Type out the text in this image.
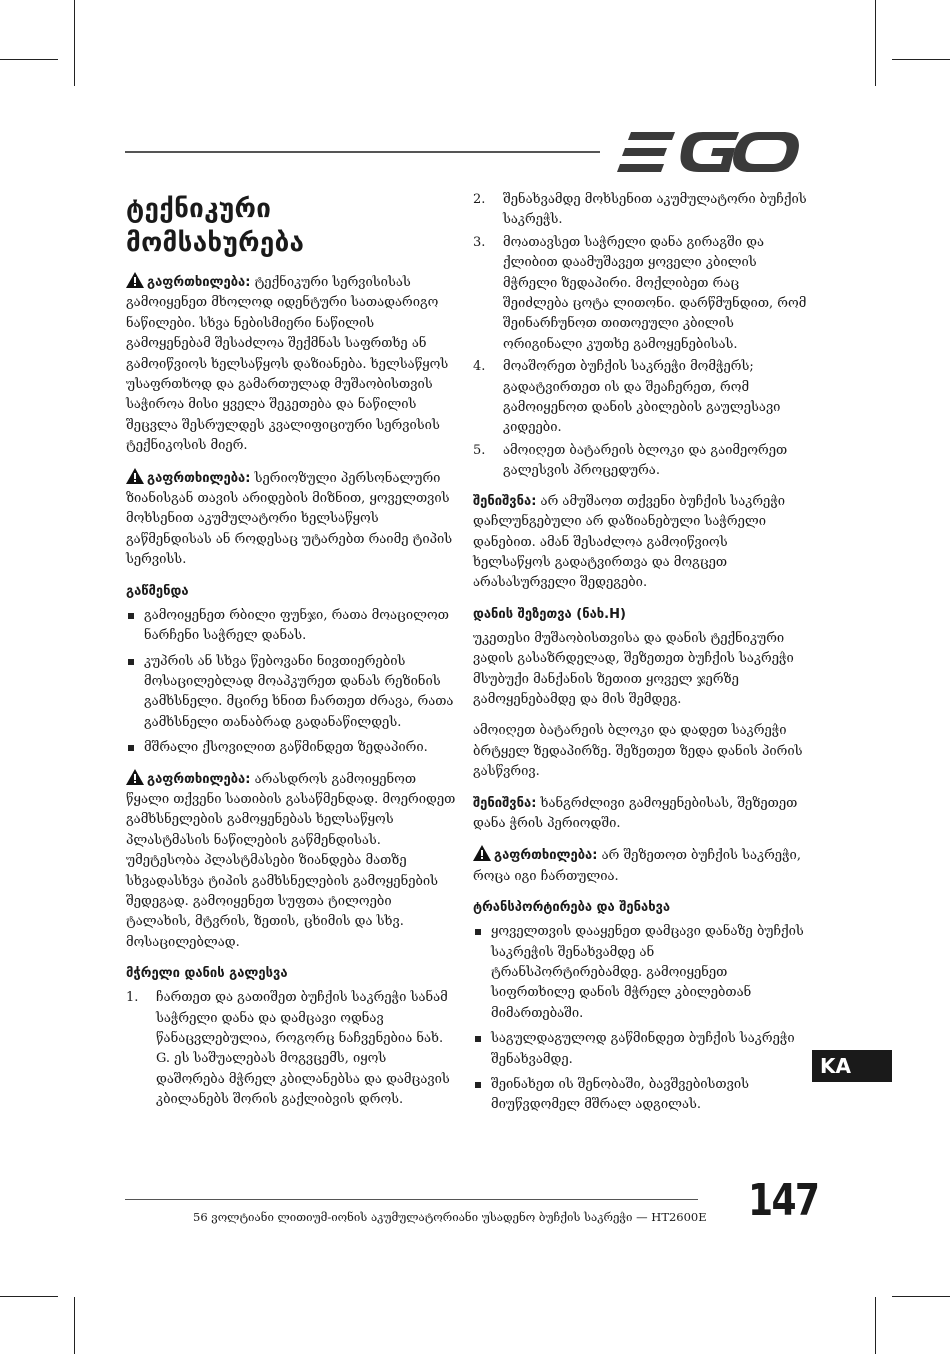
ტექნიკური მომსახურება

გაფრთხილება: ტექნიკური სერვისისას გამოიყენეთ მხოლოდ იდენტური სათადარიგო ნაწილები. სხვა ნებისმიერი ნაწილის გამოყენებამ შესაძლოა შექმნას საფრთხე ან გამოიწვიოს ხელსაწყოს დაზიანება. ხელსაწყოს უსაფრთხოდ და გამართულად მუშაობისთვის საჭიროა მისი ყველა შეკეთება და ნაწილის შეცვლა შესრულდეს კვალიფიციური სერვისის ტექნიკოსის მიერ.

გაფრთხილება: სერიოზული პერსონალური ზიანისგან თავის არიდების მიზნით, ყოველთვის მოხსენით აკუმულატორი ხელსაწყოს გაწმენდისას ან როდესაც უტარებთ რაიმე ტიპის სერვისს.

გაწმენდა
გამოიყენეთ რბილი ფუნჯი, რათა მოაცილოთ ნარჩენი საჭრელ დანას.
კუპრის ან სხვა წებოვანი ნივთიერების მოსაცილებლად მოაპკურეთ დანას რეზინის გამხსნელი. მცირე ხნით ჩართეთ ძრავა, რათა გამხსნელი თანაბრად გადანაწილდეს.
მშრალი ქსოვილით გაწმინდეთ ზედაპირი.

გაფრთხილება: არასდროს გამოიყენოთ წყალი თქვენი სათიბის გასაწმენდად. მოერიდეთ გამხსნელების გამოყენებას ხელსაწყოს პლასტმასის ნაწილების გაწმენდისას. უმეტესობა პლასტმასები ზიანდება მათზე სხვადასხვა ტიპის გამხსნელების გამოყენების შედეგად. გამოიყენეთ სუფთა ტილოები ტალახის, მტვრის, ზეთის, ცხიმის და სხვ. მოსაცილებლად.

მჭრელი დანის გალესვა
1. ჩართეთ და გათიშეთ ბუჩქის საკრეჭი სანამ საჭრელი დანა და დამცავი ოდნავ წანაცვლებულია, როგორც ნაჩვენებია ნახ. G. ეს საშუალებას მოგვცემს, იყოს დაშორება მჭრელ კბილანებსა და დამცავის კბილანებს შორის გაქლიბვის დროს.
2. შენახვამდე მოხსენით აკუმულატორი ბუჩქის საკრეჭს.
3. მოათავსეთ საჭრელი დანა გირაგში და ქლიბით დაამუშავეთ ყოველი კბილის მჭრელი ზედაპირი. მოქლიბეთ რაც შეიძლება ცოტა ლითონი. დარწმუნდით, რომ შეინარჩუნოთ თითოეული კბილის ორიგინალი კუთხე გამოყენებისას.
4. მოაშორეთ ბუჩქის საკრეჭი მომჭერს; გადატვირთეთ ის და შეაჩერეთ, რომ გამოიყენოთ დანის კბილების გაულესავი კიდეები.
5. ამოიღეთ ბატარეის ბლოკი და გაიმეორეთ გალესვის პროცედურა.

შენიშვნა: არ ამუშაოთ თქვენი ბუჩქის საკრეჭი დაჩლუნგებული არ დაზიანებული საჭრელი დანებით. ამან შესაძლოა გამოიწვიოს ხელსაწყოს გადატვირთვა და მოგცეთ არასასურველი შედეგები.

დანის შეზეთვა (ნახ.H)

უკეთესი მუშაობისთვისა და დანის ტექნიკური ვადის გასაზრდელად, შეზეთეთ ბუჩქის საკრეჭი მსუბუქი მანქანის ზეთით ყოველ ჯერზე გამოყენებამდე და მის შემდეგ.

ამოიღეთ ბატარეის ბლოკი და დადეთ საკრეჭი ბრტყელ ზედაპირზე. შეზეთეთ ზედა დანის პირის გასწვრივ.

შენიშვნა: ხანგრძლივი გამოყენებისას, შეზეთეთ დანა ჭრის პერიოდში.

გაფრთხილება: არ შეზეთოთ ბუჩქის საკრეჭი, როცა იგი ჩართულია.

ტრანსპორტირება და შენახვა
ყოველთვის დააყენეთ დამცავი დანაზე ბუჩქის საკრეჭის შენახვამდე ან ტრანსპორტირებამდე. გამოიყენეთ სიფრთხილე დანის მჭრელ კბილებთან მიმართებაში.
საგულდაგულოდ გაწმინდეთ ბუჩქის საკრეჭი შენახვამდე.
შეინახეთ ის შენობაში, ბავშვებისთვის მიუწვდომელ მშრალ ადგილას.
KA
56 ვოლტიანი ლითიუმ-იონის აკუმულატორიანი უსადენო ბუჩქის საკრეჭი — HT2600E 147
